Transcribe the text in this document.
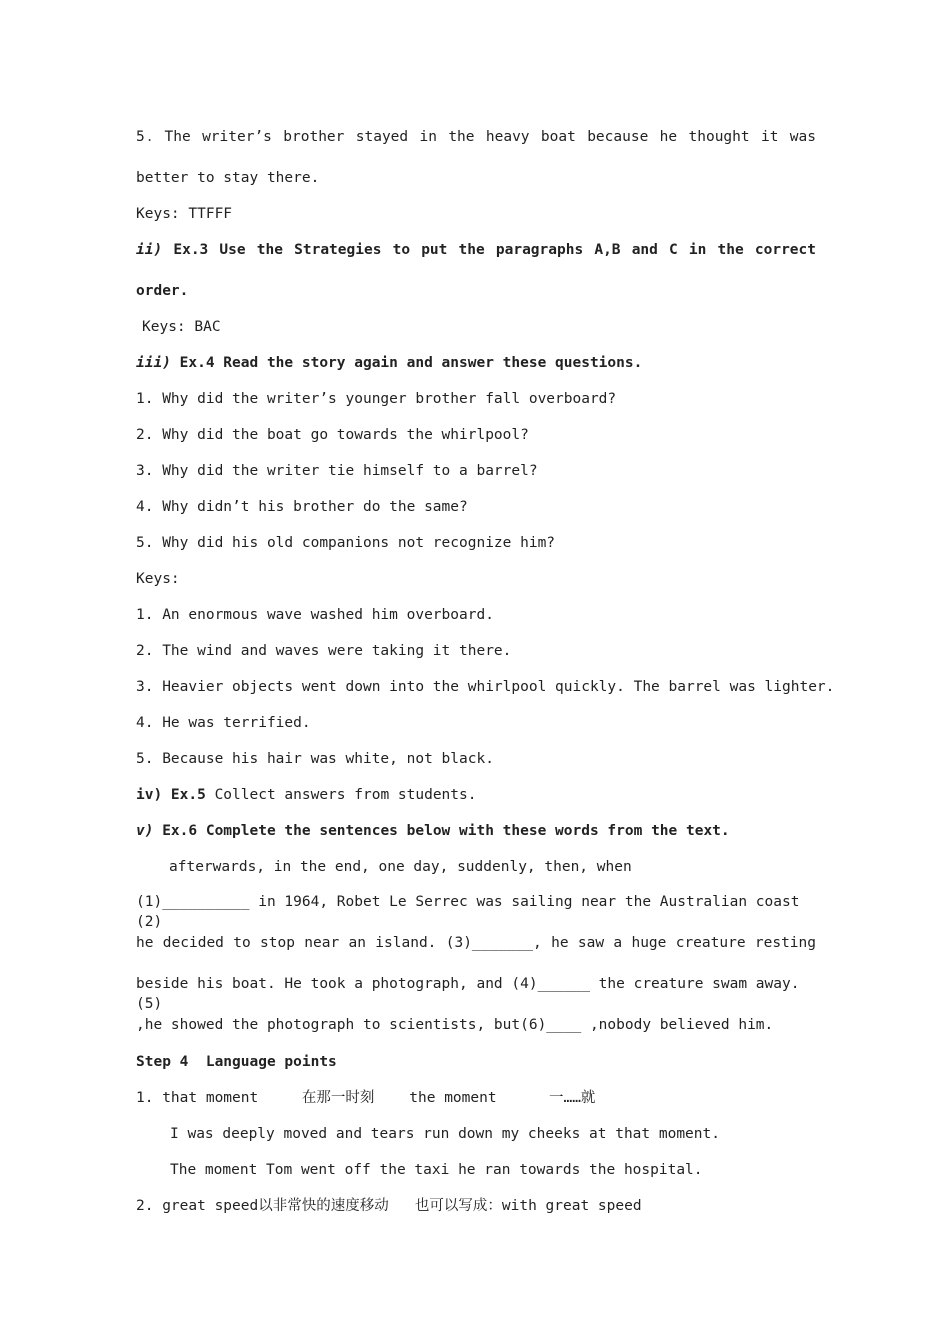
5．The writer’s brother stayed in the heavy boat because he thought it was
better to stay there.
Keys: TTFFF
ii) Ex.3 Use the Strategies to put the paragraphs A,B and C in the correct
order.
Keys: BAC
iii) Ex.4 Read the story again and answer these questions.
1. Why did the writer’s younger brother fall overboard?
2. Why did the boat go towards the whirlpool?
3. Why did the writer tie himself to a barrel?
4. Why didn’t his brother do the same?
5. Why did his old companions not recognize him?
Keys:
1. An enormous wave washed him overboard.
2. The wind and waves were taking it there.
3. Heavier objects went down into the whirlpool quickly. The barrel was lighter.
4. He was terrified.
5. Because his hair was white, not black.
iv) Ex.5 Collect answers from students.
v) Ex.6 Complete the sentences below with these words from the text.
afterwards, in the end, one day, suddenly, then, when
(1)__________ in 1964, Robet Le Serrec was sailing near the Australian coast (2)
he decided to stop near an island. (3)_______, he saw a huge creature resting
beside his boat. He took a photograph, and (4)______ the creature swam away. (5)
,he showed the photograph to scientists, but(6)____ ,nobody believed him.
Step 4  Language points
1. that moment     在那一时刻    the moment      一……就
I was deeply moved and tears run down my cheeks at that moment.
The moment Tom went off the taxi he ran towards the hospital.
2. great speed以非常快的速度移动   也可以写成：with great speed
